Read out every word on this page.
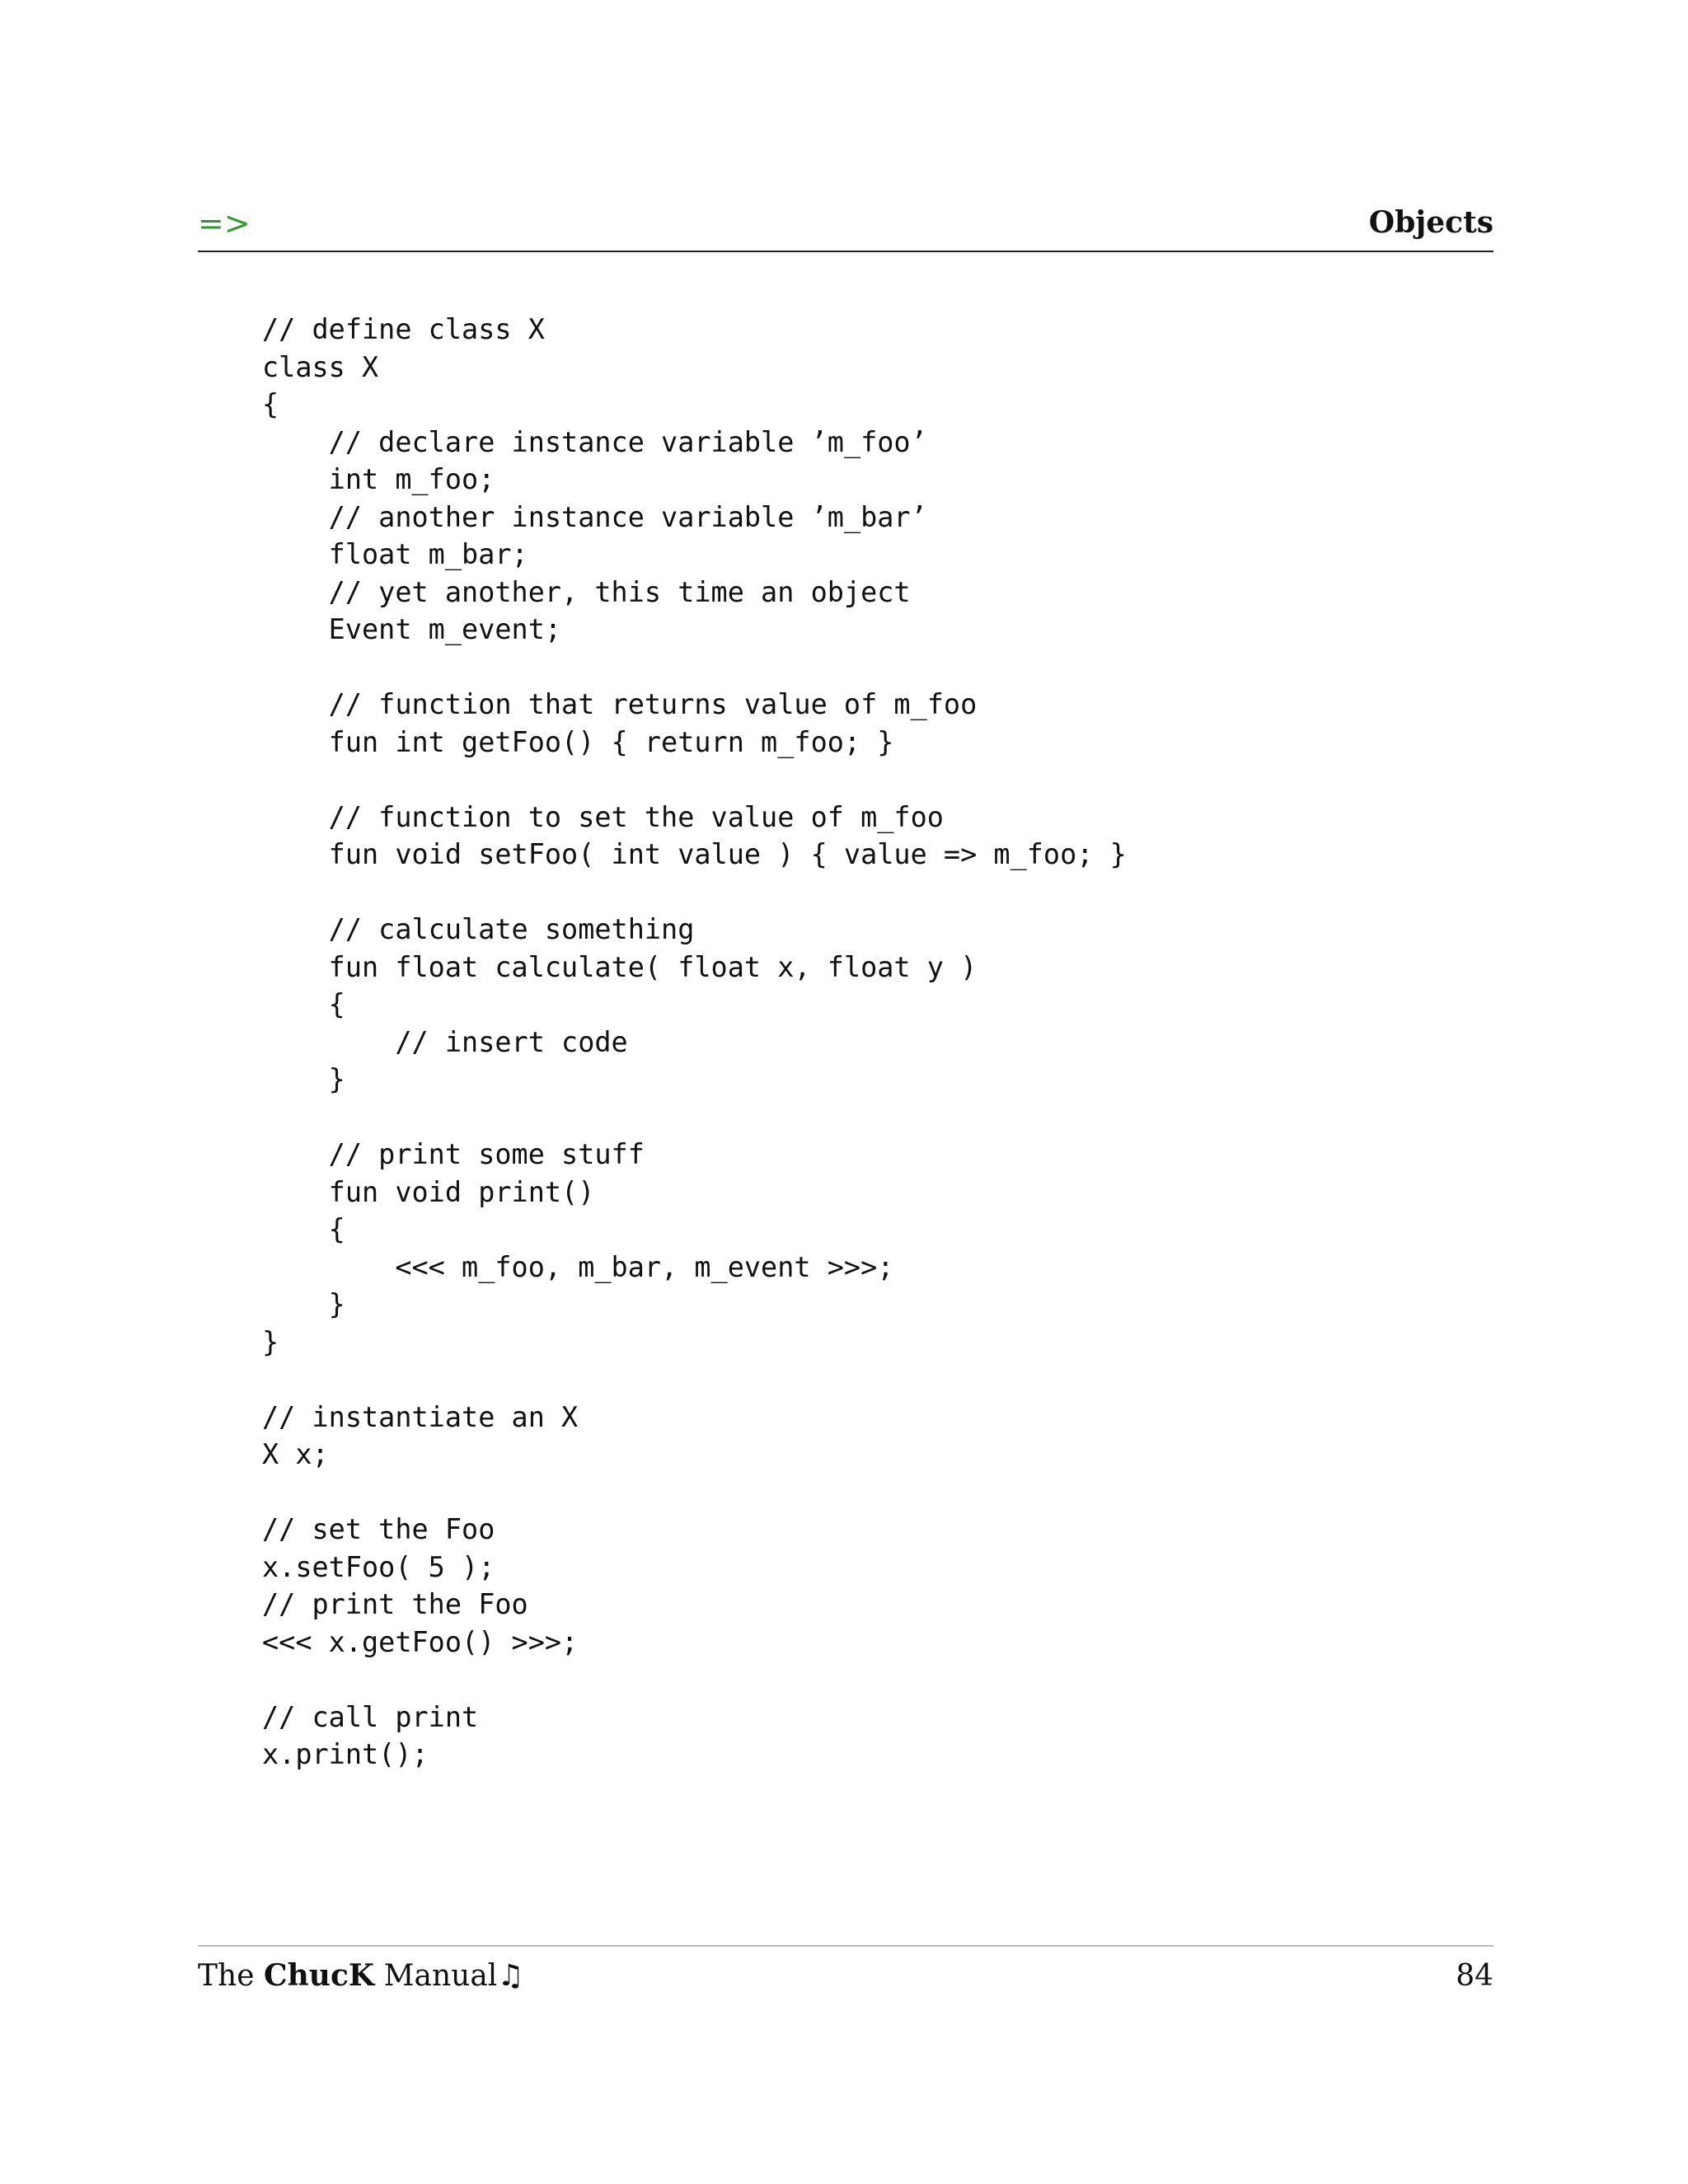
=>	Objects
// define class X
class X
{
// declare instance variable ’m_foo’
int m_foo;
// another instance variable ’m_bar’
float m_bar;
// yet another, this time an object
Event m_event;
// function that returns value of m_foo
fun int getFoo() { return m_foo; }
// function to set the value of m_foo
fun void setFoo( int value ) { value => m_foo; }
// calculate something
fun float calculate( float x, float y )
{
// insert code
}
// print some stuff
fun void print()
{
<<< m_foo, m_bar, m_event >>>;
}
}
// instantiate an X
X x;
// set the Foo
x.setFoo( 5 );
// print the Foo
<<< x.getFoo() >>>;
// call print
x.print();
The ChucK Manual♫	84
